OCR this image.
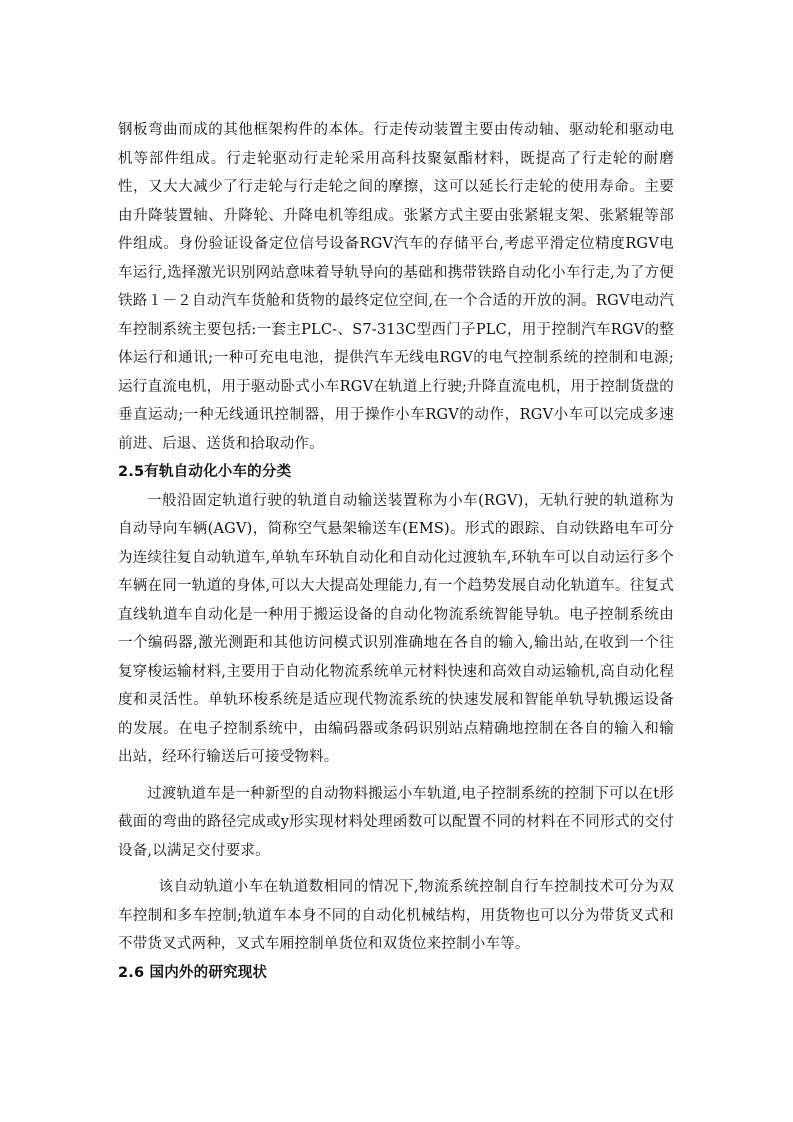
钢板弯曲而成的其他框架构件的本体。行走传动装置主要由传动轴、驱动轮和驱动电机等部件组成。行走轮驱动行走轮采用高科技聚氨酯材料，既提高了行走轮的耐磨性，又大大减少了行走轮与行走轮之间的摩擦，这可以延长行走轮的使用寿命。主要由升降装置轴、升降轮、升降电机等组成。张紧方式主要由张紧辊支架、张紧辊等部件组成。身份验证设备定位信号设备RGV汽车的存储平台,考虑平滑定位精度RGV电车运行,选择激光识别网站意味着导轨导向的基础和携带铁路自动化小车行走,为了方便铁路１－２自动汽车货舱和货物的最终定位空间,在一个合适的开放的洞。RGV电动汽车控制系统主要包括:一套主PLC-、S7-313C型西门子PLC，用于控制汽车RGV的整体运行和通讯;一种可充电电池，提供汽车无线电RGV的电气控制系统的控制和电源;运行直流电机，用于驱动卧式小车RGV在轨道上行驶;升降直流电机，用于控制货盘的垂直运动;一种无线通讯控制器，用于操作小车RGV的动作，RGV小车可以完成多速前进、后退、送货和拾取动作。

2.5有轨自动化小车的分类

一般沿固定轨道行驶的轨道自动输送装置称为小车(RGV)，无轨行驶的轨道称为自动导向车辆(AGV)，简称空气悬架输送车(EMS)。形式的跟踪、自动铁路电车可分为连续往复自动轨道车,单轨车环轨自动化和自动化过渡轨车,环轨车可以自动运行多个车辆在同一轨道的身体,可以大大提高处理能力,有一个趋势发展自动化轨道车。往复式直线轨道车自动化是一种用于搬运设备的自动化物流系统智能导轨。电子控制系统由一个编码器,激光测距和其他访问模式识别准确地在各自的输入,输出站,在收到一个往复穿梭运输材料,主要用于自动化物流系统单元材料快速和高效自动运输机,高自动化程度和灵活性。单轨环梭系统是适应现代物流系统的快速发展和智能单轨导轨搬运设备的发展。在电子控制系统中，由编码器或条码识别站点精确地控制在各自的输入和输出站，经环行输送后可接受物料。

过渡轨道车是一种新型的自动物料搬运小车轨道,电子控制系统的控制下可以在t形截面的弯曲的路径完成或y形实现材料处理函数可以配置不同的材料在不同形式的交付设备,以满足交付要求。

该自动轨道小车在轨道数相同的情况下,物流系统控制自行车控制技术可分为双车控制和多车控制;轨道车本身不同的自动化机械结构，用货物也可以分为带货叉式和不带货叉式两种，叉式车厢控制单货位和双货位来控制小车等。

2.6 国内外的研究现状
